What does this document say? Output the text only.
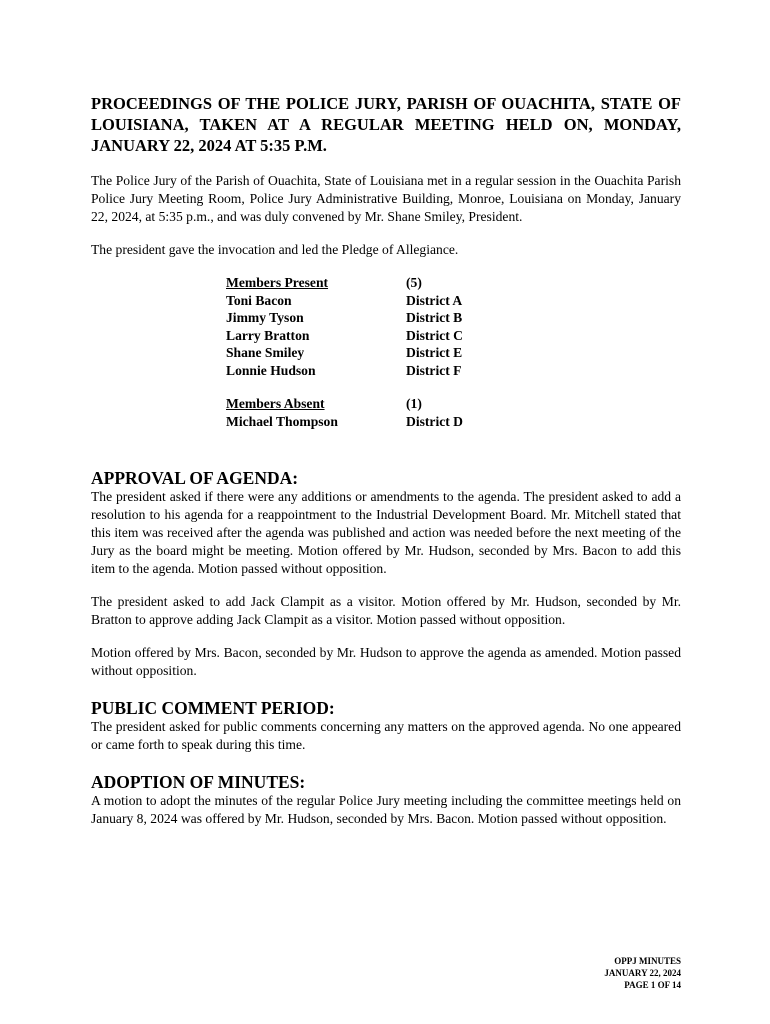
PROCEEDINGS OF THE POLICE JURY, PARISH OF OUACHITA, STATE OF LOUISIANA, TAKEN AT A REGULAR MEETING HELD ON, MONDAY, JANUARY 22, 2024 AT 5:35 P.M.

The Police Jury of the Parish of Ouachita, State of Louisiana met in a regular session in the Ouachita Parish Police Jury Meeting Room, Police Jury Administrative Building, Monroe, Louisiana on Monday, January 22, 2024, at 5:35 p.m., and was duly convened by Mr. Shane Smiley, President.

The president gave the invocation and led the Pledge of Allegiance.

Members Present	(5)
Toni Bacon	District A
Jimmy Tyson	District B
Larry Bratton	District C
Shane Smiley	District E
Lonnie Hudson	District F
Members Absent	(1)
Michael Thompson	District D
APPROVAL OF AGENDA:

The president asked if there were any additions or amendments to the agenda. The president asked to add a resolution to his agenda for a reappointment to the Industrial Development Board. Mr. Mitchell stated that this item was received after the agenda was published and action was needed before the next meeting of the Jury as the board might be meeting. Motion offered by Mr. Hudson, seconded by Mrs. Bacon to add this item to the agenda. Motion passed without opposition.

The president asked to add Jack Clampit as a visitor. Motion offered by Mr. Hudson, seconded by Mr. Bratton to approve adding Jack Clampit as a visitor. Motion passed without opposition.

Motion offered by Mrs. Bacon, seconded by Mr. Hudson to approve the agenda as amended. Motion passed without opposition.

PUBLIC COMMENT PERIOD:

The president asked for public comments concerning any matters on the approved agenda. No one appeared or came forth to speak during this time.

ADOPTION OF MINUTES:

A motion to adopt the minutes of the regular Police Jury meeting including the committee meetings held on January 8, 2024 was offered by Mr. Hudson, seconded by Mrs. Bacon. Motion passed without opposition.

OPPJ MINUTES
JANUARY 22, 2024
PAGE 1 OF 14
